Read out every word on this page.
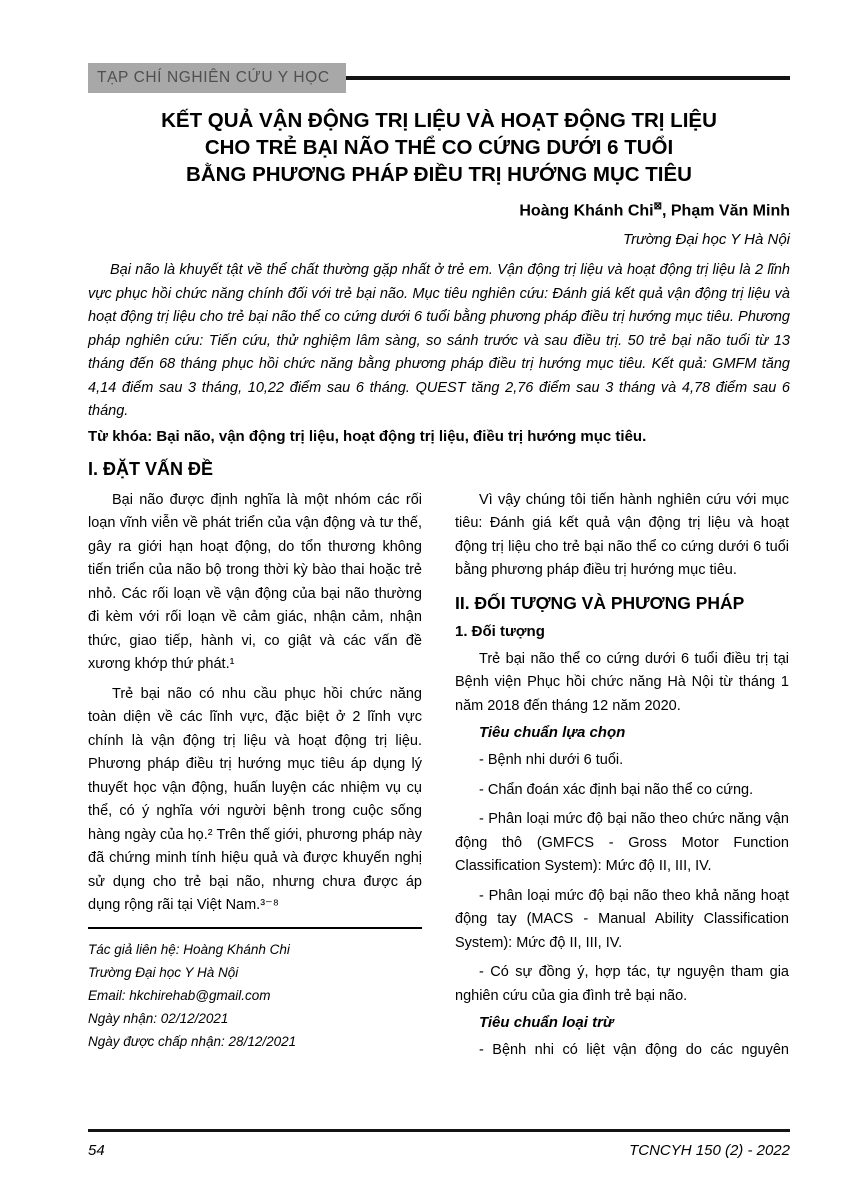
TẠP CHÍ NGHIÊN CỨU Y HỌC
KẾT QUẢ VẬN ĐỘNG TRỊ LIỆU VÀ HOẠT ĐỘNG TRỊ LIỆU
CHO TRẺ BẠI NÃO THỂ CO CỨNG DƯỚI 6 TUỔI
BẰNG PHƯƠNG PHÁP ĐIỀU TRỊ HƯỚNG MỤC TIÊU
Hoàng Khánh Chi⊠, Phạm Văn Minh
Trường Đại học Y Hà Nội
Bại não là khuyết tật về thể chất thường gặp nhất ở trẻ em. Vận động trị liệu và hoạt động trị liệu là 2 lĩnh vực phục hồi chức năng chính đối với trẻ bại não. Mục tiêu nghiên cứu: Đánh giá kết quả vận động trị liệu và hoạt động trị liệu cho trẻ bại não thể co cứng dưới 6 tuổi bằng phương pháp điều trị hướng mục tiêu. Phương pháp nghiên cứu: Tiến cứu, thử nghiệm lâm sàng, so sánh trước và sau điều trị. 50 trẻ bại não tuổi từ 13 tháng đến 68 tháng phục hồi chức năng bằng phương pháp điều trị hướng mục tiêu. Kết quả: GMFM tăng 4,14 điểm sau 3 tháng, 10,22 điểm sau 6 tháng. QUEST tăng 2,76 điểm sau 3 tháng và 4,78 điểm sau 6 tháng.
Từ khóa: Bại não, vận động trị liệu, hoạt động trị liệu, điều trị hướng mục tiêu.
I. ĐẶT VẤN ĐỀ

Bại não được định nghĩa là một nhóm các rối loạn vĩnh viễn về phát triển của vận động và tư thế, gây ra giới hạn hoạt động, do tổn thương không tiến triển của não bộ trong thời kỳ bào thai hoặc trẻ nhỏ. Các rối loạn về vận động của bại não thường đi kèm với rối loạn về cảm giác, nhận cảm, nhận thức, giao tiếp, hành vi, co giật và các vấn đề xương khớp thứ phát.¹

Trẻ bại não có nhu cầu phục hồi chức năng toàn diện về các lĩnh vực, đặc biệt ở 2 lĩnh vực chính là vận động trị liệu và hoạt động trị liệu. Phương pháp điều trị hướng mục tiêu áp dụng lý thuyết học vận động, huấn luyện các nhiệm vụ cụ thể, có ý nghĩa với người bệnh trong cuộc sống hàng ngày của họ.² Trên thế giới, phương pháp này đã chứng minh tính hiệu quả và được khuyến nghị sử dụng cho trẻ bại não, nhưng chưa được áp dụng rộng rãi tại Việt Nam.³⁻⁸

Tác giả liên hệ: Hoàng Khánh Chi
Trường Đại học Y Hà Nội
Email: hkchirehab@gmail.com
Ngày nhận: 02/12/2021
Ngày được chấp nhận: 28/12/2021

Vì vậy chúng tôi tiến hành nghiên cứu với mục tiêu: Đánh giá kết quả vận động trị liệu và hoạt động trị liệu cho trẻ bại não thể co cứng dưới 6 tuổi bằng phương pháp điều trị hướng mục tiêu.

II. ĐỐI TƯỢNG VÀ PHƯƠNG PHÁP
1. Đối tượng

Trẻ bại não thể co cứng dưới 6 tuổi điều trị tại Bệnh viện Phục hồi chức năng Hà Nội từ tháng 1 năm 2018 đến tháng 12 năm 2020.

Tiêu chuẩn lựa chọn

- Bệnh nhi dưới 6 tuổi.

- Chẩn đoán xác định bại não thể co cứng.

- Phân loại mức độ bại não theo chức năng vận động thô (GMFCS - Gross Motor Function Classification System): Mức độ II, III, IV.

- Phân loại mức độ bại não theo khả năng hoạt động tay (MACS - Manual Ability Classification System): Mức độ II, III, IV.

- Có sự đồng ý, hợp tác, tự nguyện tham gia nghiên cứu của gia đình trẻ bại não.

Tiêu chuẩn loại trừ

- Bệnh nhi có liệt vận động do các nguyên

54	TCNCYH 150 (2) - 2022
